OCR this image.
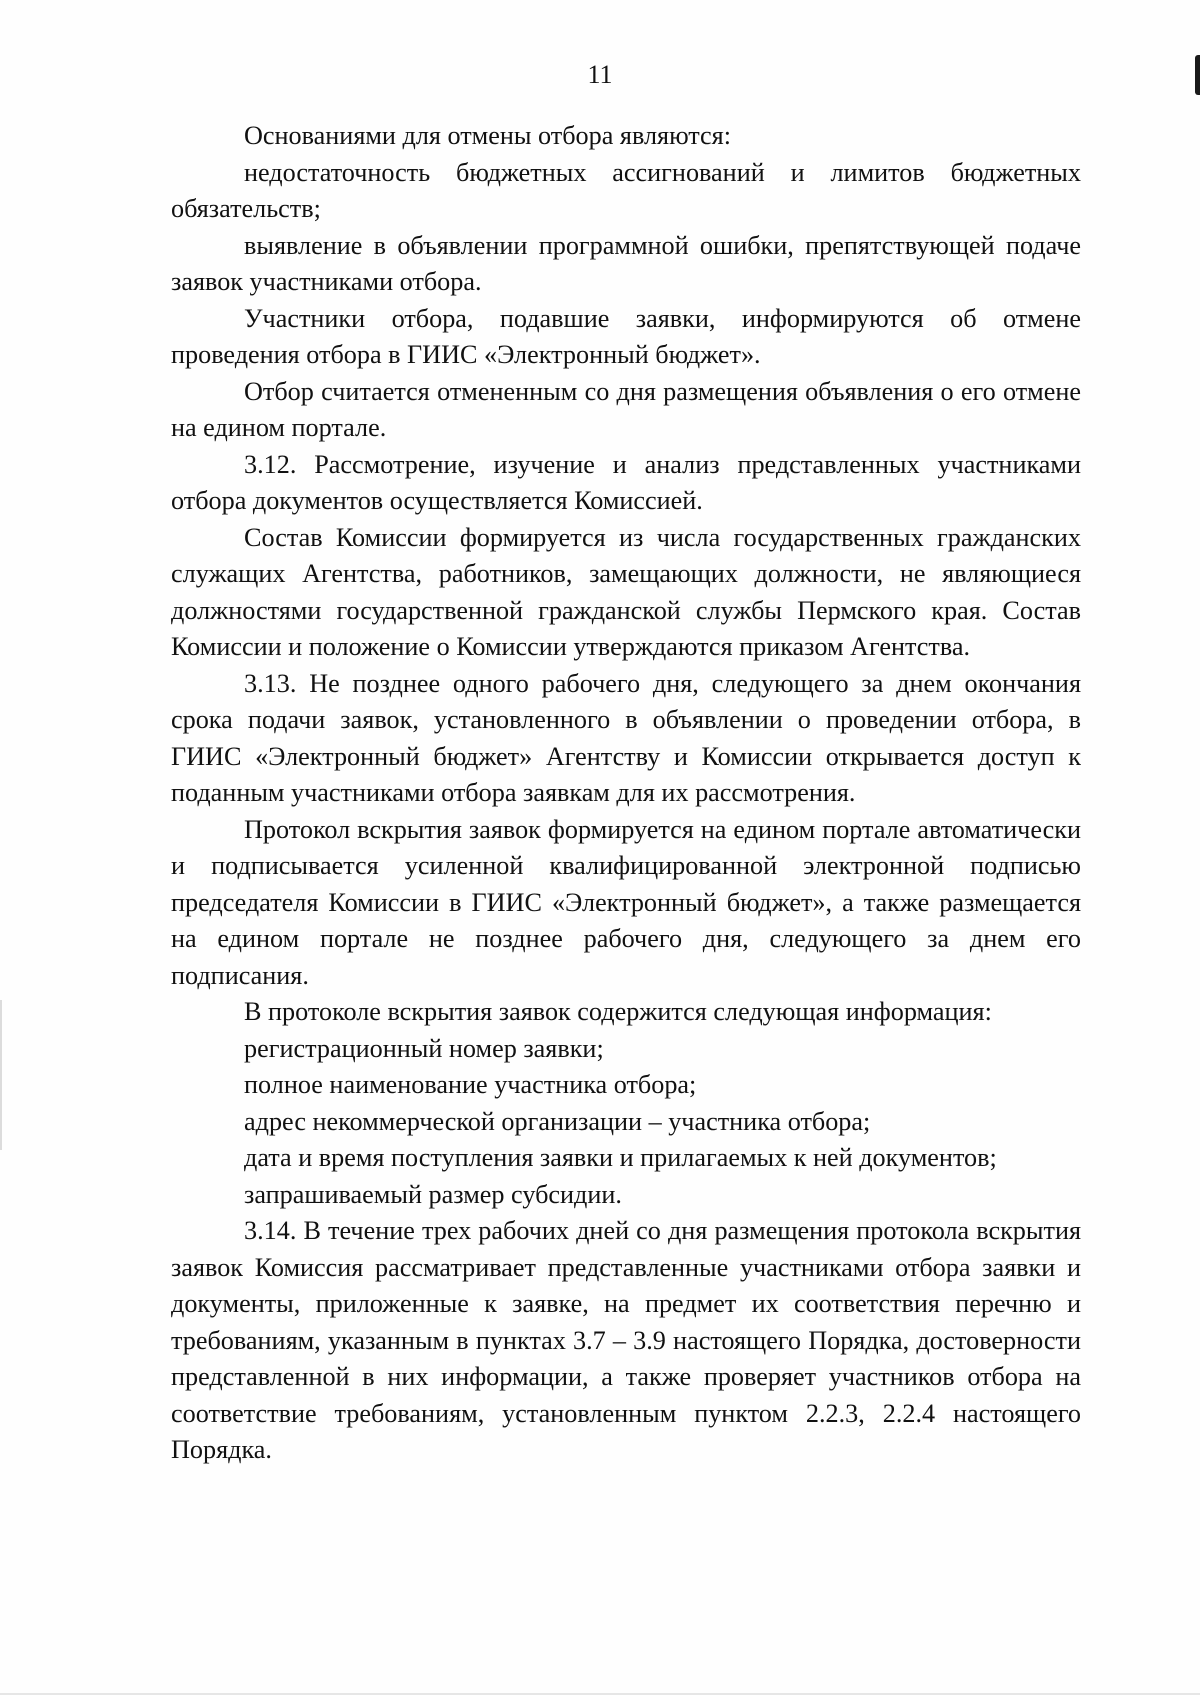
11

Основаниями для отмены отбора являются:

недостаточность бюджетных ассигнований и лимитов бюджетных обязательств;

выявление в объявлении программной ошибки, препятствующей подаче заявок участниками отбора.

Участники отбора, подавшие заявки, информируются об отмене проведения отбора в ГИИС «Электронный бюджет».

Отбор считается отмененным со дня размещения объявления о его отмене на едином портале.

3.12. Рассмотрение, изучение и анализ представленных участниками отбора документов осуществляется Комиссией.

Состав Комиссии формируется из числа государственных гражданских служащих Агентства, работников, замещающих должности, не являющиеся должностями государственной гражданской службы Пермского края. Состав Комиссии и положение о Комиссии утверждаются приказом Агентства.

3.13. Не позднее одного рабочего дня, следующего за днем окончания срока подачи заявок, установленного в объявлении о проведении отбора, в ГИИС «Электронный бюджет» Агентству и Комиссии открывается доступ к поданным участниками отбора заявкам для их рассмотрения.

Протокол вскрытия заявок формируется на едином портале автоматически и подписывается усиленной квалифицированной электронной подписью председателя Комиссии в ГИИС «Электронный бюджет», а также размещается на едином портале не позднее рабочего дня, следующего за днем его подписания.

В протоколе вскрытия заявок содержится следующая информация:

регистрационный номер заявки;

полное наименование участника отбора;

адрес некоммерческой организации – участника отбора;

дата и время поступления заявки и прилагаемых к ней документов;

запрашиваемый размер субсидии.

3.14. В течение трех рабочих дней со дня размещения протокола вскрытия заявок Комиссия рассматривает представленные участниками отбора заявки и документы, приложенные к заявке, на предмет их соответствия перечню и требованиям, указанным в пунктах 3.7 – 3.9 настоящего Порядка, достоверности представленной в них информации, а также проверяет участников отбора на соответствие требованиям, установленным пунктом 2.2.3, 2.2.4 настоящего Порядка.
